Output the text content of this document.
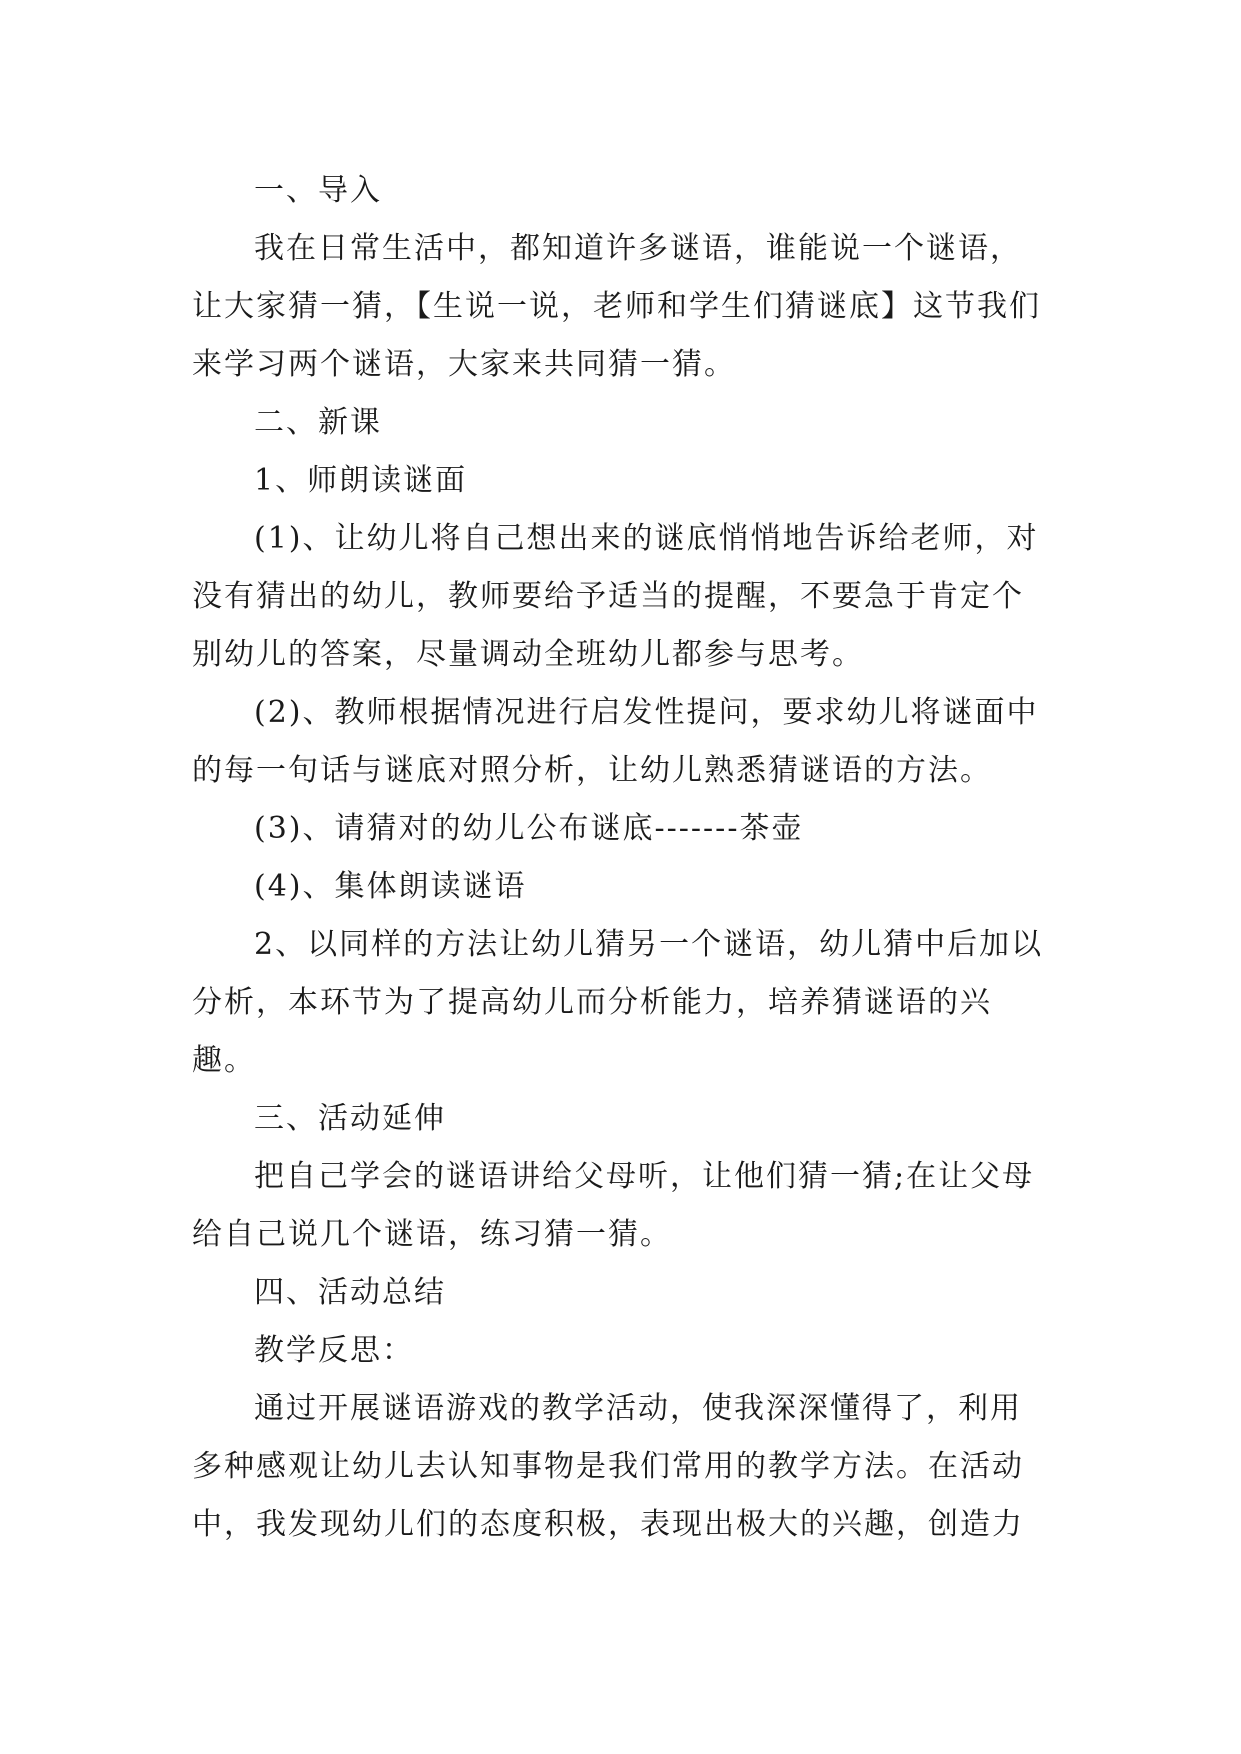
一、导入

我在日常生活中，都知道许多谜语，谁能说一个谜语，让大家猜一猜，【生说一说，老师和学生们猜谜底】这节我们来学习两个谜语，大家来共同猜一猜。

二、新课

1、师朗读谜面

(1)、让幼儿将自己想出来的谜底悄悄地告诉给老师，对没有猜出的幼儿，教师要给予适当的提醒，不要急于肯定个别幼儿的答案，尽量调动全班幼儿都参与思考。

(2)、教师根据情况进行启发性提问，要求幼儿将谜面中的每一句话与谜底对照分析，让幼儿熟悉猜谜语的方法。

(3)、请猜对的幼儿公布谜底-------茶壶

(4)、集体朗读谜语

2、以同样的方法让幼儿猜另一个谜语，幼儿猜中后加以分析，本环节为了提高幼儿而分析能力，培养猜谜语的兴趣。

三、活动延伸

把自己学会的谜语讲给父母听，让他们猜一猜;在让父母给自己说几个谜语，练习猜一猜。

四、活动总结

教学反思：

通过开展谜语游戏的教学活动，使我深深懂得了，利用多种感观让幼儿去认知事物是我们常用的教学方法。在活动中，我发现幼儿们的态度积极，表现出极大的兴趣，创造力
